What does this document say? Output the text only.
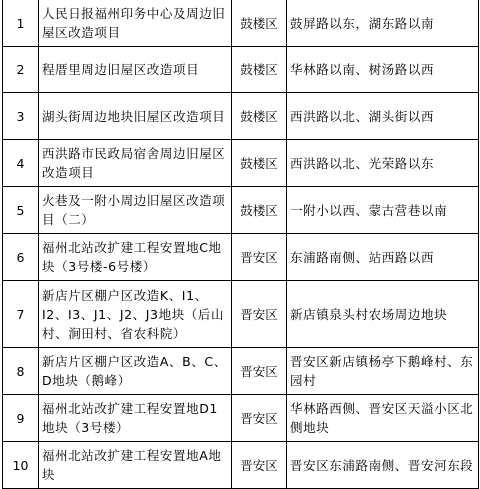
1	人民日报福州印务中心及周边旧屋区改造项目	鼓楼区	鼓屏路以东，湖东路以南
2	程厝里周边旧屋区改造项目	鼓楼区	华林路以南、树汤路以西
3	湖头街周边地块旧屋区改造项目	鼓楼区	西洪路以北、湖头街以西
4	西洪路市民政局宿舍周边旧屋区改造项目	鼓楼区	西洪路以北、光荣路以东
5	火巷及一附小周边旧屋区改造项目（二）	鼓楼区	一附小以西、蒙古营巷以南
6	福州北站改扩建工程安置地C地块（3号楼-6号楼）	晋安区	东浦路南侧、站西路以西
7	新店片区棚户区改造K、I1、I2、I3、J1、J2、J3地块（后山村、涧田村、省农科院）	晋安区	新店镇泉头村农场周边地块
8	新店片区棚户区改造A、B、C、D地块（鹅峰）	晋安区	晋安区新店镇杨亭下鹅峰村、东园村
9	福州北站改扩建工程安置地D1地块（3号楼）	晋安区	华林路西侧、晋安区天溢小区北侧地块
10	福州北站改扩建工程安置地A地块	晋安区	晋安区东浦路南侧、晋安河东段
